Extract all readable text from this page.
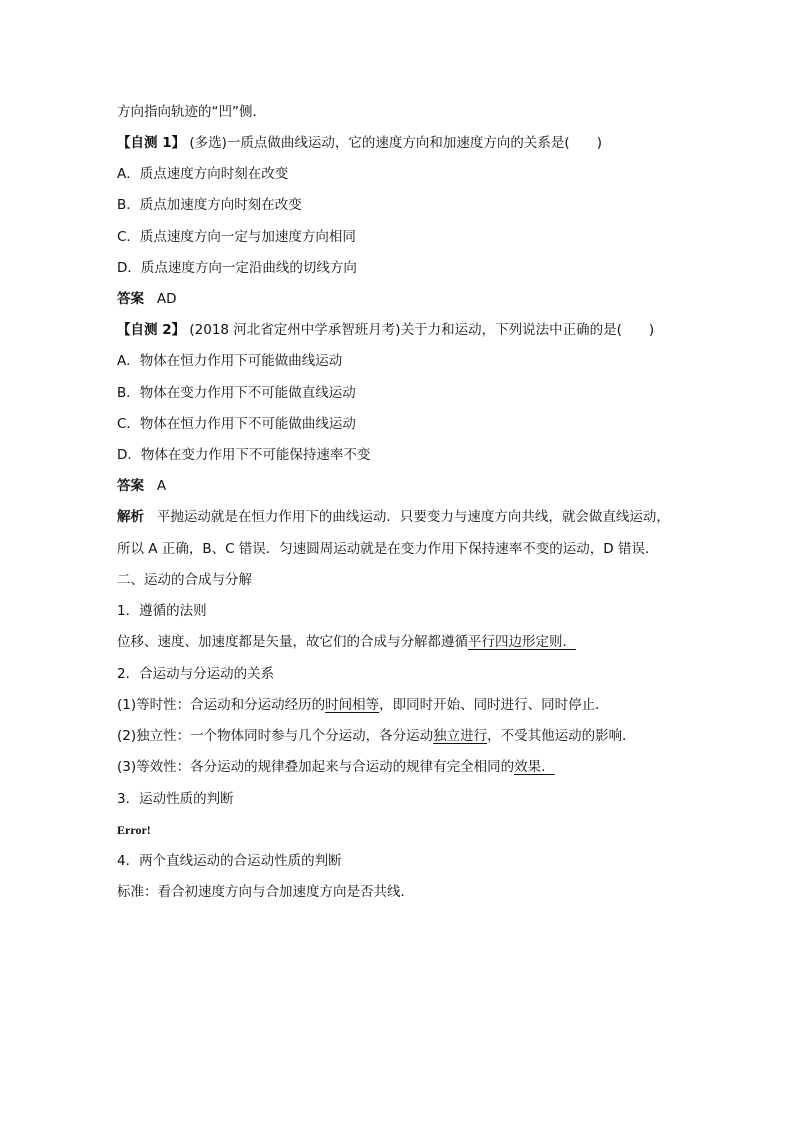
方向指向轨迹的“凹”侧．
【自测 1】 (多选)一质点做曲线运动，它的速度方向和加速度方向的关系是(　　)
A．质点速度方向时刻在改变
B．质点加速度方向时刻在改变
C．质点速度方向一定与加速度方向相同
D．质点速度方向一定沿曲线的切线方向
答案 AD
【自测 2】 (2018 河北省定州中学承智班月考)关于力和运动，下列说法中正确的是(　　)
A．物体在恒力作用下可能做曲线运动
B．物体在变力作用下不可能做直线运动
C．物体在恒力作用下不可能做曲线运动
D．物体在变力作用下不可能保持速率不变
答案 A
解析 平抛运动就是在恒力作用下的曲线运动．只要变力与速度方向共线，就会做直线运动，
所以 A 正确，B、C 错误．匀速圆周运动就是在变力作用下保持速率不变的运动，D 错误．
二、运动的合成与分解
1．遵循的法则
位移、速度、加速度都是矢量，故它们的合成与分解都遵循平行四边形定则．
2．合运动与分运动的关系
(1)等时性：合运动和分运动经历的时间相等，即同时开始、同时进行、同时停止．
(2)独立性：一个物体同时参与几个分运动，各分运动独立进行，不受其他运动的影响．
(3)等效性：各分运动的规律叠加起来与合运动的规律有完全相同的效果．
3．运动性质的判断
Error!
4．两个直线运动的合运动性质的判断
标准：看合初速度方向与合加速度方向是否共线．
